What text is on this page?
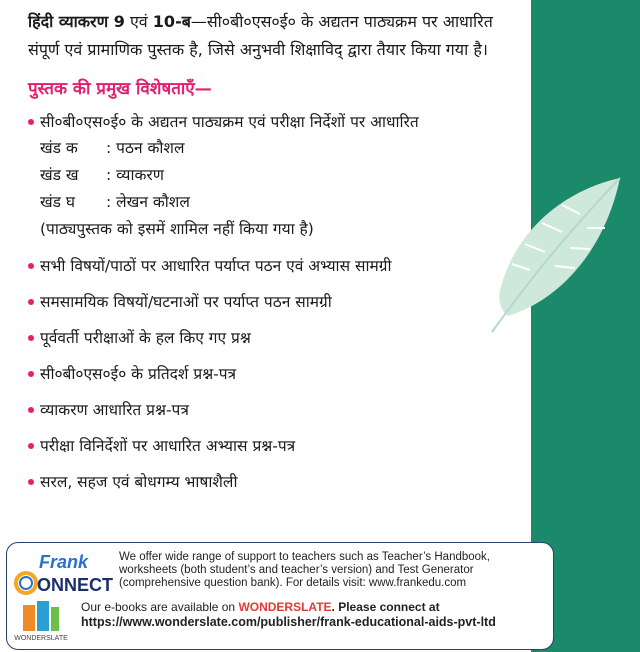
हिंदी व्याकरण 9 एवं 10-ब—सी०बी०एस०ई० के अद्यतन पाठ्यक्रम पर आधारित संपूर्ण एवं प्रामाणिक पुस्तक है, जिसे अनुभवी शिक्षाविद् द्वारा तैयार किया गया है।

पुस्तक की प्रमुख विशेषताएँ—
सी०बी०एस०ई० के अद्यतन पाठ्यक्रम एवं परीक्षा निर्देशों पर आधारित
खंड क : पठन कौशल
खंड ख : व्याकरण
खंड घ : लेखन कौशल
(पाठ्यपुस्तक को इसमें शामिल नहीं किया गया है)
सभी विषयों/पाठों पर आधारित पर्याप्त पठन एवं अभ्यास सामग्री
समसामयिक विषयों/घटनाओं पर पर्याप्त पठन सामग्री
पूर्ववर्ती परीक्षाओं के हल किए गए प्रश्न
सी०बी०एस०ई० के प्रतिदर्श प्रश्न-पत्र
व्याकरण आधारित प्रश्न-पत्र
परीक्षा विनिर्देशों पर आधारित अभ्यास प्रश्न-पत्र
सरल, सहज एवं बोधगम्य भाषाशैली
Frank
ONNECT
We offer wide range of support to teachers such as Teacher’s Handbook, worksheets (both student’s and teacher’s version) and Test Generator (comprehensive question bank). For details visit: www.frankedu.com
WONDERSLATE
Our e-books are available on WONDERSLATE. Please connect at
https://www.wonderslate.com/publisher/frank-educational-aids-pvt-ltd
